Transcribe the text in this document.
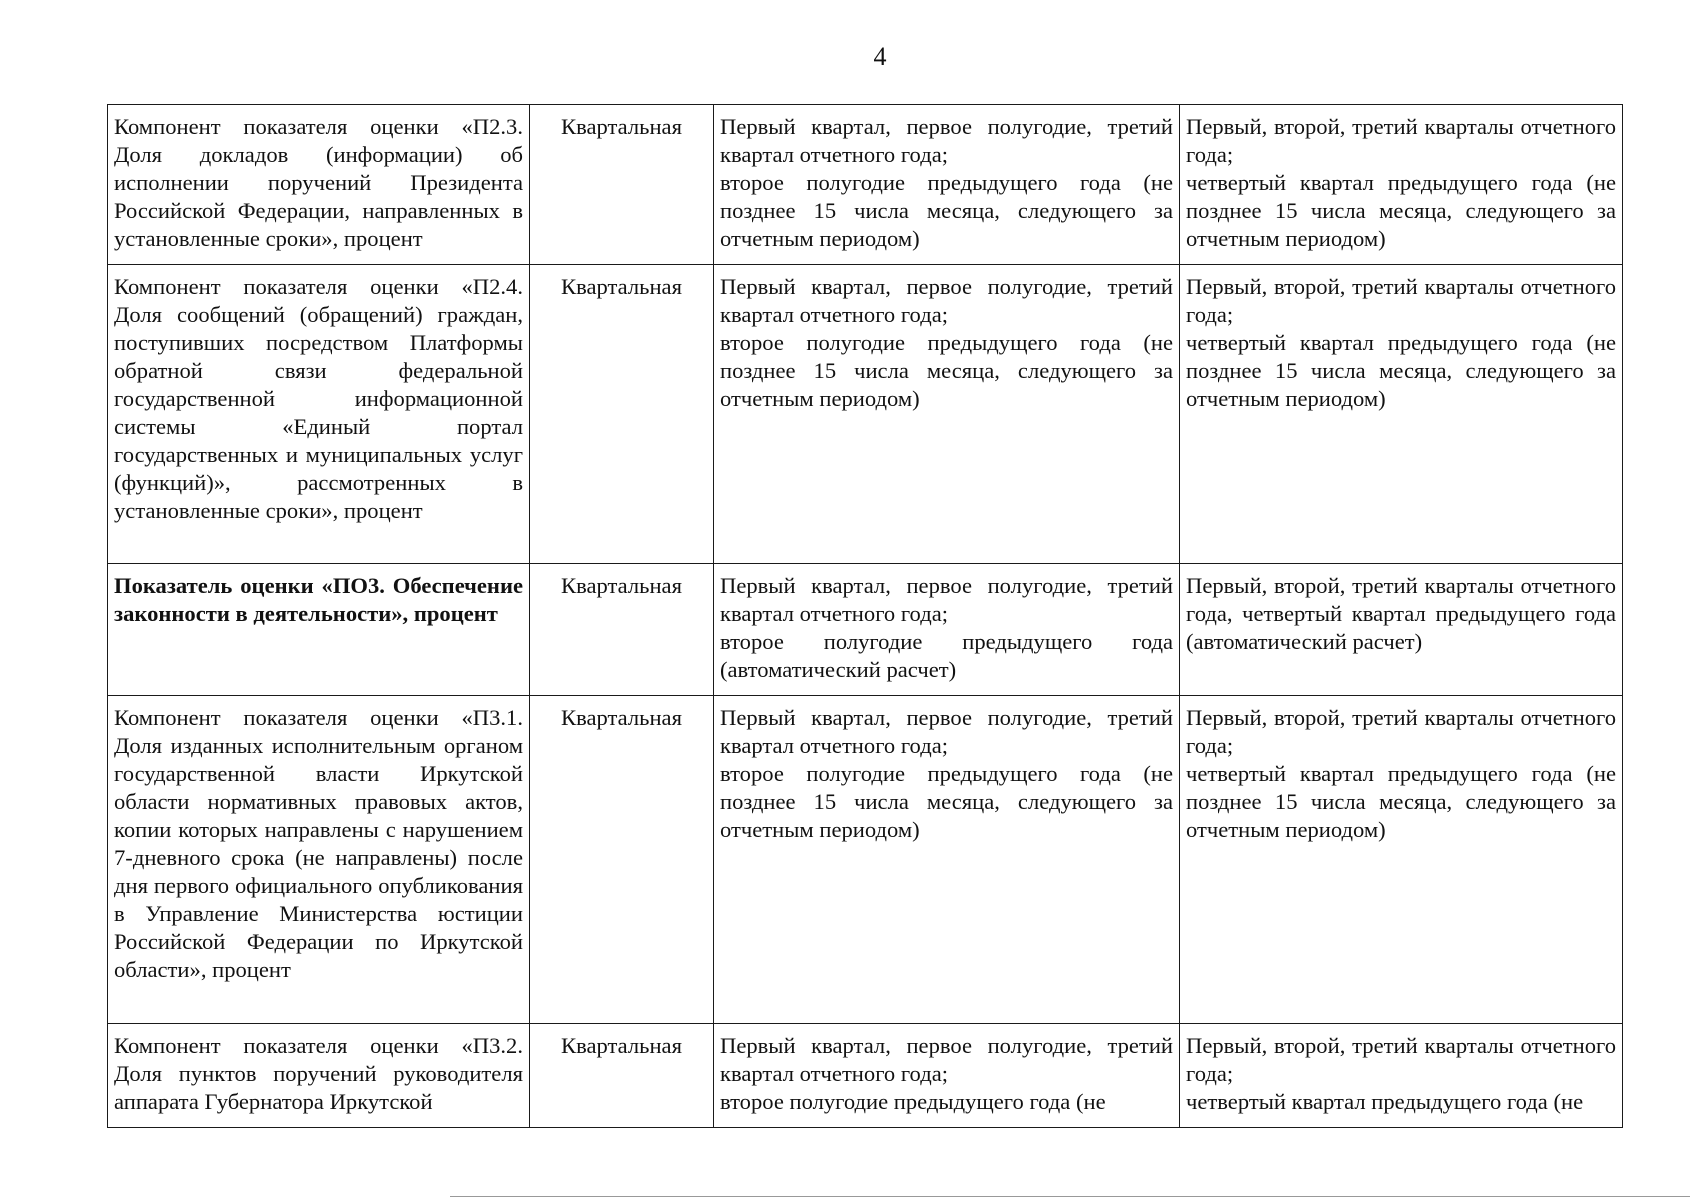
4
Компонент показателя оценки «П2.3. Доля докладов (информации) об исполнении поручений Президента Российской Федерации, направленных в установленные сроки», процент	Квартальная	Первый квартал, первое полугодие, третий квартал отчетного года;
второе полугодие предыдущего года (не позднее 15 числа месяца, следующего за отчетным периодом)	Первый, второй, третий кварталы отчетного года;
четвертый квартал предыдущего года (не позднее 15 числа месяца, следующего за отчетным периодом)

Компонент показателя оценки «П2.4. Доля сообщений (обращений) граждан, поступивших посредством Платформы обратной связи федеральной государственной информационной системы «Единый портал государственных и муниципальных услуг (функций)», рассмотренных в установленные сроки», процент	Квартальная	Первый квартал, первое полугодие, третий квартал отчетного года;
второе полугодие предыдущего года (не позднее 15 числа месяца, следующего за отчетным периодом)	Первый, второй, третий кварталы отчетного года;
четвертый квартал предыдущего года (не позднее 15 числа месяца, следующего за отчетным периодом)

Показатель оценки «ПО3. Обеспечение законности в деятельности», процент	Квартальная	Первый квартал, первое полугодие, третий квартал отчетного года;
второе полугодие предыдущего года (автоматический расчет)	Первый, второй, третий кварталы отчетного года, четвертый квартал предыдущего года (автоматический расчет)

Компонент показателя оценки «П3.1. Доля изданных исполнительным органом государственной власти Иркутской области нормативных правовых актов, копии которых направлены с нарушением 7-дневного срока (не направлены) после дня первого официального опубликования в Управление Министерства юстиции Российской Федерации по Иркутской области», процент	Квартальная	Первый квартал, первое полугодие, третий квартал отчетного года;
второе полугодие предыдущего года (не позднее 15 числа месяца, следующего за отчетным периодом)	Первый, второй, третий кварталы отчетного года;
четвертый квартал предыдущего года (не позднее 15 числа месяца, следующего за отчетным периодом)

Компонент показателя оценки «П3.2. Доля пунктов поручений руководителя аппарата Губернатора Иркутской	Квартальная	Первый квартал, первое полугодие, третий квартал отчетного года;
второе полугодие предыдущего года (не	Первый, второй, третий кварталы отчетного года;
четвертый квартал предыдущего года (не
